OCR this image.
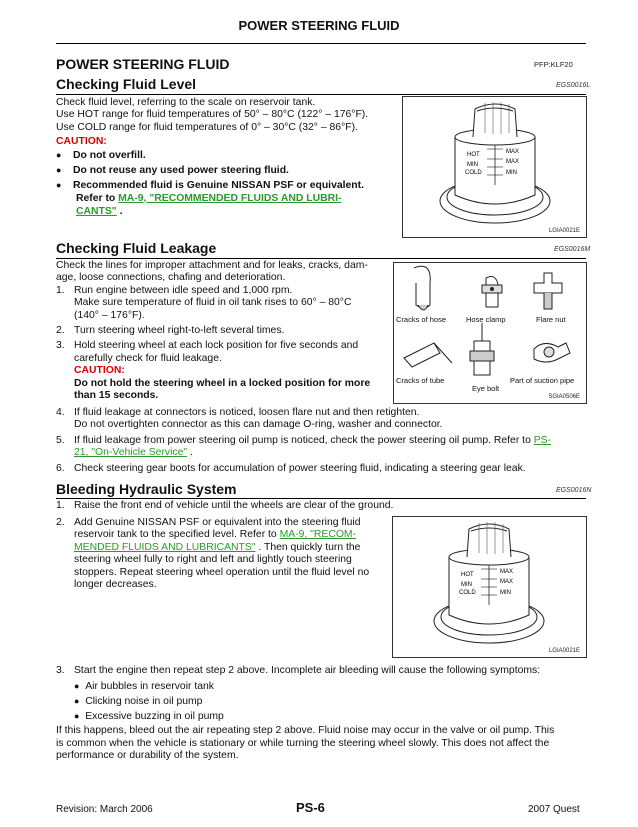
POWER STEERING FLUID
POWER STEERING FLUID	PFP:KLF20
Checking Fluid Level	EGS0016L
Check fluid level, referring to the scale on reservoir tank.
Use HOT range for fluid temperatures of 50° – 80°C (122° – 176°F).
Use COLD range for fluid temperatures of 0° – 30°C (32° – 86°F).
CAUTION:
● Do not overfill.
● Do not reuse any used power steering fluid.
● Recommended fluid is Genuine NISSAN PSF or equivalent.
Refer to MA-9, "RECOMMENDED FLUIDS AND LUBRI-
CANTS" .
HOT	MAX
MIN	MAX
COLD	MIN
LGIA0021E
Checking Fluid Leakage	EGS0016M
Check the lines for improper attachment and for leaks, cracks, dam-
age, loose connections, chafing and deterioration.
1. Run engine between idle speed and 1,000 rpm.
Make sure temperature of fluid in oil tank rises to 60° – 80°C
(140° – 176°F).
2. Turn steering wheel right-to-left several times.
3. Hold steering wheel at each lock position for five seconds and
carefully check for fluid leakage.
CAUTION:
Do not hold the steering wheel in a locked position for more
than 15 seconds.
4. If fluid leakage at connectors is noticed, loosen flare nut and then retighten.
Do not overtighten connector as this can damage O-ring, washer and connector.
5. If fluid leakage from power steering oil pump is noticed, check the power steering oil pump. Refer to PS-
21, "On-Vehicle Service" .
6. Check steering gear boots for accumulation of power steering fluid, indicating a steering gear leak.
Cracks of hose	Hose clamp	Flare nut
Cracks of tube
Eye bolt
Part of suction pipe
SGIA0506E
Bleeding Hydraulic System	EGS0016N
1. Raise the front end of vehicle until the wheels are clear of the ground.
2. Add Genuine NISSAN PSF or equivalent into the steering fluid
reservoir tank to the specified level. Refer to MA-9, "RECOM-
MENDED FLUIDS AND LUBRICANTS" . Then quickly turn the
steering wheel fully to right and left and lightly touch steering
stoppers. Repeat steering wheel operation until the fluid level no
longer decreases.
HOT	MAX
MIN	MAX
COLD	MIN
LGIA0021E
3. Start the engine then repeat step 2 above. Incomplete air bleeding will cause the following symptoms:
● Air bubbles in reservoir tank
● Clicking noise in oil pump
● Excessive buzzing in oil pump
If this happens, bleed out the air repeating step 2 above. Fluid noise may occur in the valve or oil pump. This
is common when the vehicle is stationary or while turning the steering wheel slowly. This does not affect the
performance or durability of the system.
Revision: March 2006	PS-6	2007 Quest
